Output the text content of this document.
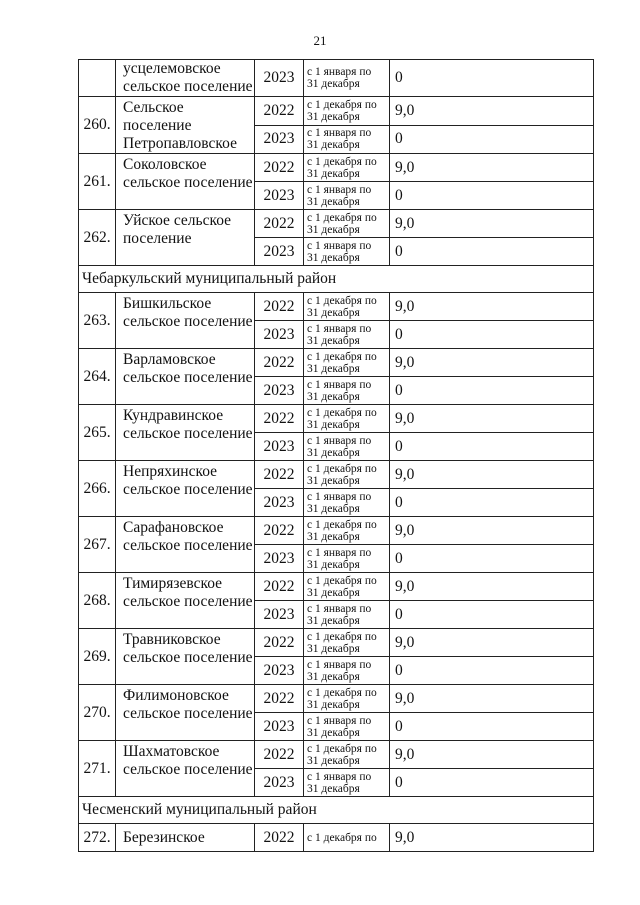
21

	усцелемовское
сельское поселение	2023	с 1 января по
31 декабря	0
260.	Сельское поселение
Петропавловское	2022	с 1 декабря по
31 декабря	9,0
		2023	с 1 января по
31 декабря	0
261.	Соколовское
сельское поселение	2022	с 1 декабря по
31 декабря	9,0
		2023	с 1 января по
31 декабря	0
262.	Уйское сельское
поселение	2022	с 1 декабря по
31 декабря	9,0
		2023	с 1 января по
31 декабря	0
Чебаркульский муниципальный район				
263.	Бишкильское
сельское поселение	2022	с 1 декабря по
31 декабря	9,0
		2023	с 1 января по
31 декабря	0
264.	Варламовское
сельское поселение	2022	с 1 декабря по
31 декабря	9,0
		2023	с 1 января по
31 декабря	0
265.	Кундравинское
сельское поселение	2022	с 1 декабря по
31 декабря	9,0
		2023	с 1 января по
31 декабря	0
266.	Непряхинское
сельское поселение	2022	с 1 декабря по
31 декабря	9,0
		2023	с 1 января по
31 декабря	0
267.	Сарафановское
сельское поселение	2022	с 1 декабря по
31 декабря	9,0
		2023	с 1 января по
31 декабря	0
268.	Тимирязевское
сельское поселение	2022	с 1 декабря по
31 декабря	9,0
		2023	с 1 января по
31 декабря	0
269.	Травниковское
сельское поселение	2022	с 1 декабря по
31 декабря	9,0
		2023	с 1 января по
31 декабря	0
270.	Филимоновское
сельское поселение	2022	с 1 декабря по
31 декабря	9,0
		2023	с 1 января по
31 декабря	0
271.	Шахматовское
сельское поселение	2022	с 1 декабря по
31 декабря	9,0
		2023	с 1 января по
31 декабря	0
Чесменский муниципальный район				
272.	Березинское	2022	с 1 декабря по	9,0
